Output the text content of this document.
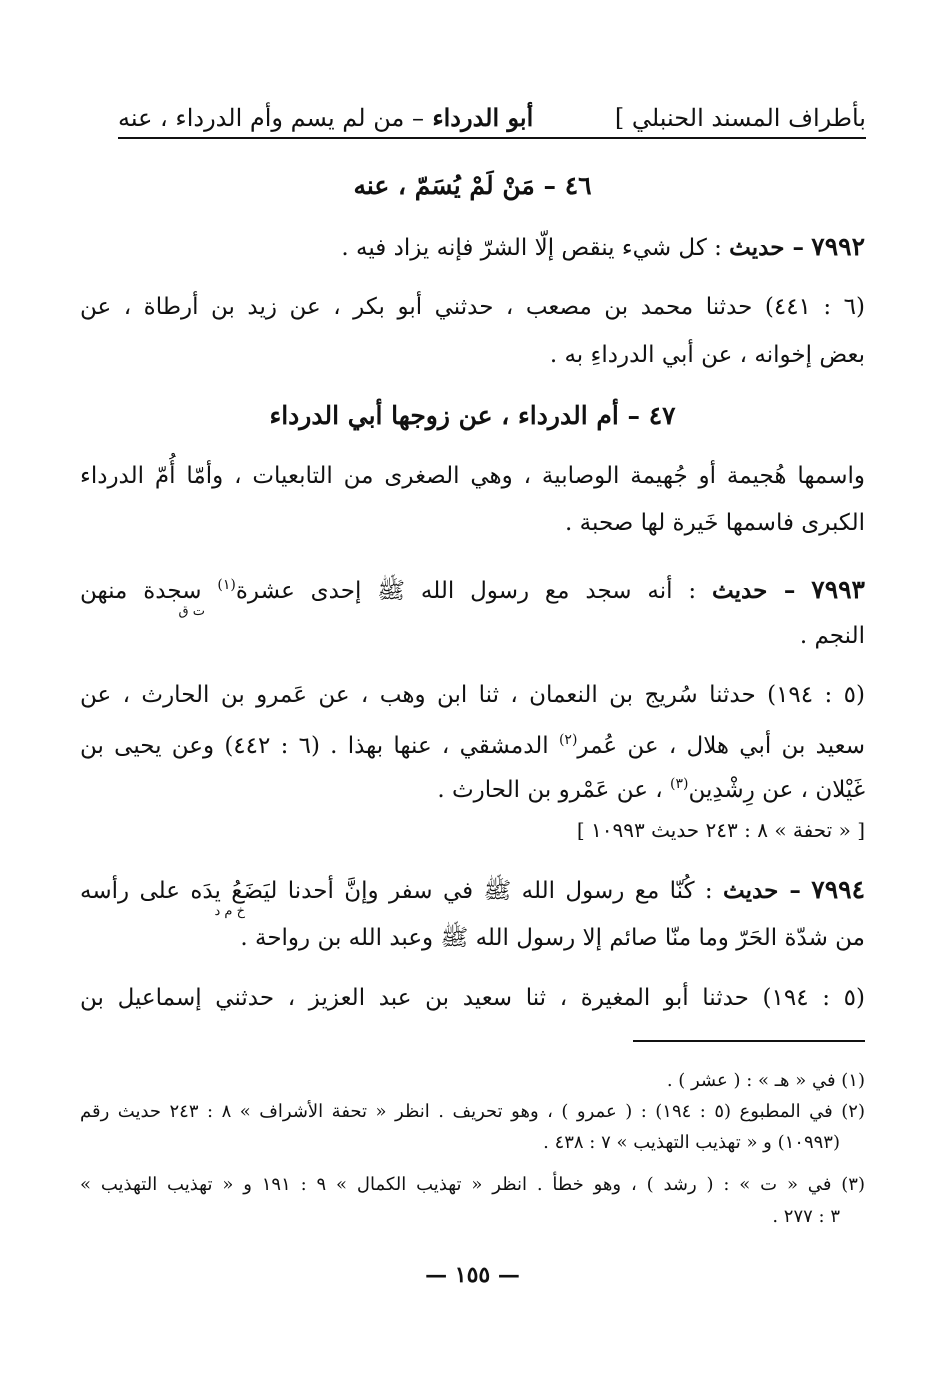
بأطراف المسند الحنبلي ]
أبو الدرداء – من لم يسم وأم الدرداء ، عنه
٤٦ – مَنْ لَمْ يُسَمّ ، عنه
٧٩٩٢ – حديث : كل شيء ينقص إلّا الشرّ فإنه يزاد فيه .
(٦ : ٤٤١) حدثنا محمد بن مصعب ، حدثني أبو بكر ، عن زيد بن أرطاة ، عن
بعض إخوانه ، عن أبي الدرداءِ به .
٤٧ – أم الدرداء ، عن زوجها أبي الدرداء
واسمها هُجيمة أو جُهيمة الوصابية ، وهي الصغرى من التابعيات ، وأمّا أُمّ الدرداء
الكبرى فاسمها خَيرة لها صحبة .
٧٩٩٣ – حديث : أنه سجد مع رسول الله ﷺ إحدى عشرة$^{(١)}$ سجدة منهن
ت ق
النجم .
(٥ : ١٩٤) حدثنا سُريج بن النعمان ، ثنا ابن وهب ، عن عَمرو بن الحارث ، عن
سعيد بن أبي هلال ، عن عُمر$^{(٢)}$ الدمشقي ، عنها بهذا . (٦ : ٤٤٢) وعن يحيى بن
غَيْلان ، عن رِشْدِين$^{(٣)}$ ، عن عَمْرو بن الحارث .
[ « تحفة » ٨ : ٢٤٣ حديث ١٠٩٩٣ ]
٧٩٩٤ – حديث : كُنّا مع رسول الله ﷺ في سفر وإنَّ أحدنا ليَضَعُ يدَه على رأسه
خ م د
من شدّة الحَرّ وما منّا صائم إلا رسول الله ﷺ وعبد الله بن رواحة .
(٥ : ١٩٤) حدثنا أبو المغيرة ، ثنا سعيد بن عبد العزيز ، حدثني إسماعيل بن
(١) في « هـ » : ( عشر ) .
(٢) في المطبوع (٥ : ١٩٤) : ( عمرو ) ، وهو تحريف . انظر « تحفة الأشراف » ٨ : ٢٤٣ حديث رقم
(١٠٩٩٣) و « تهذيب التهذيب » ٧ : ٤٣٨ .
(٣) في « ت » : ( رشد ) ، وهو خطأ . انظر « تهذيب الكمال » ٩ : ١٩١ و « تهذيب التهذيب »
٣ : ٢٧٧ .
— ١٥٥ —
